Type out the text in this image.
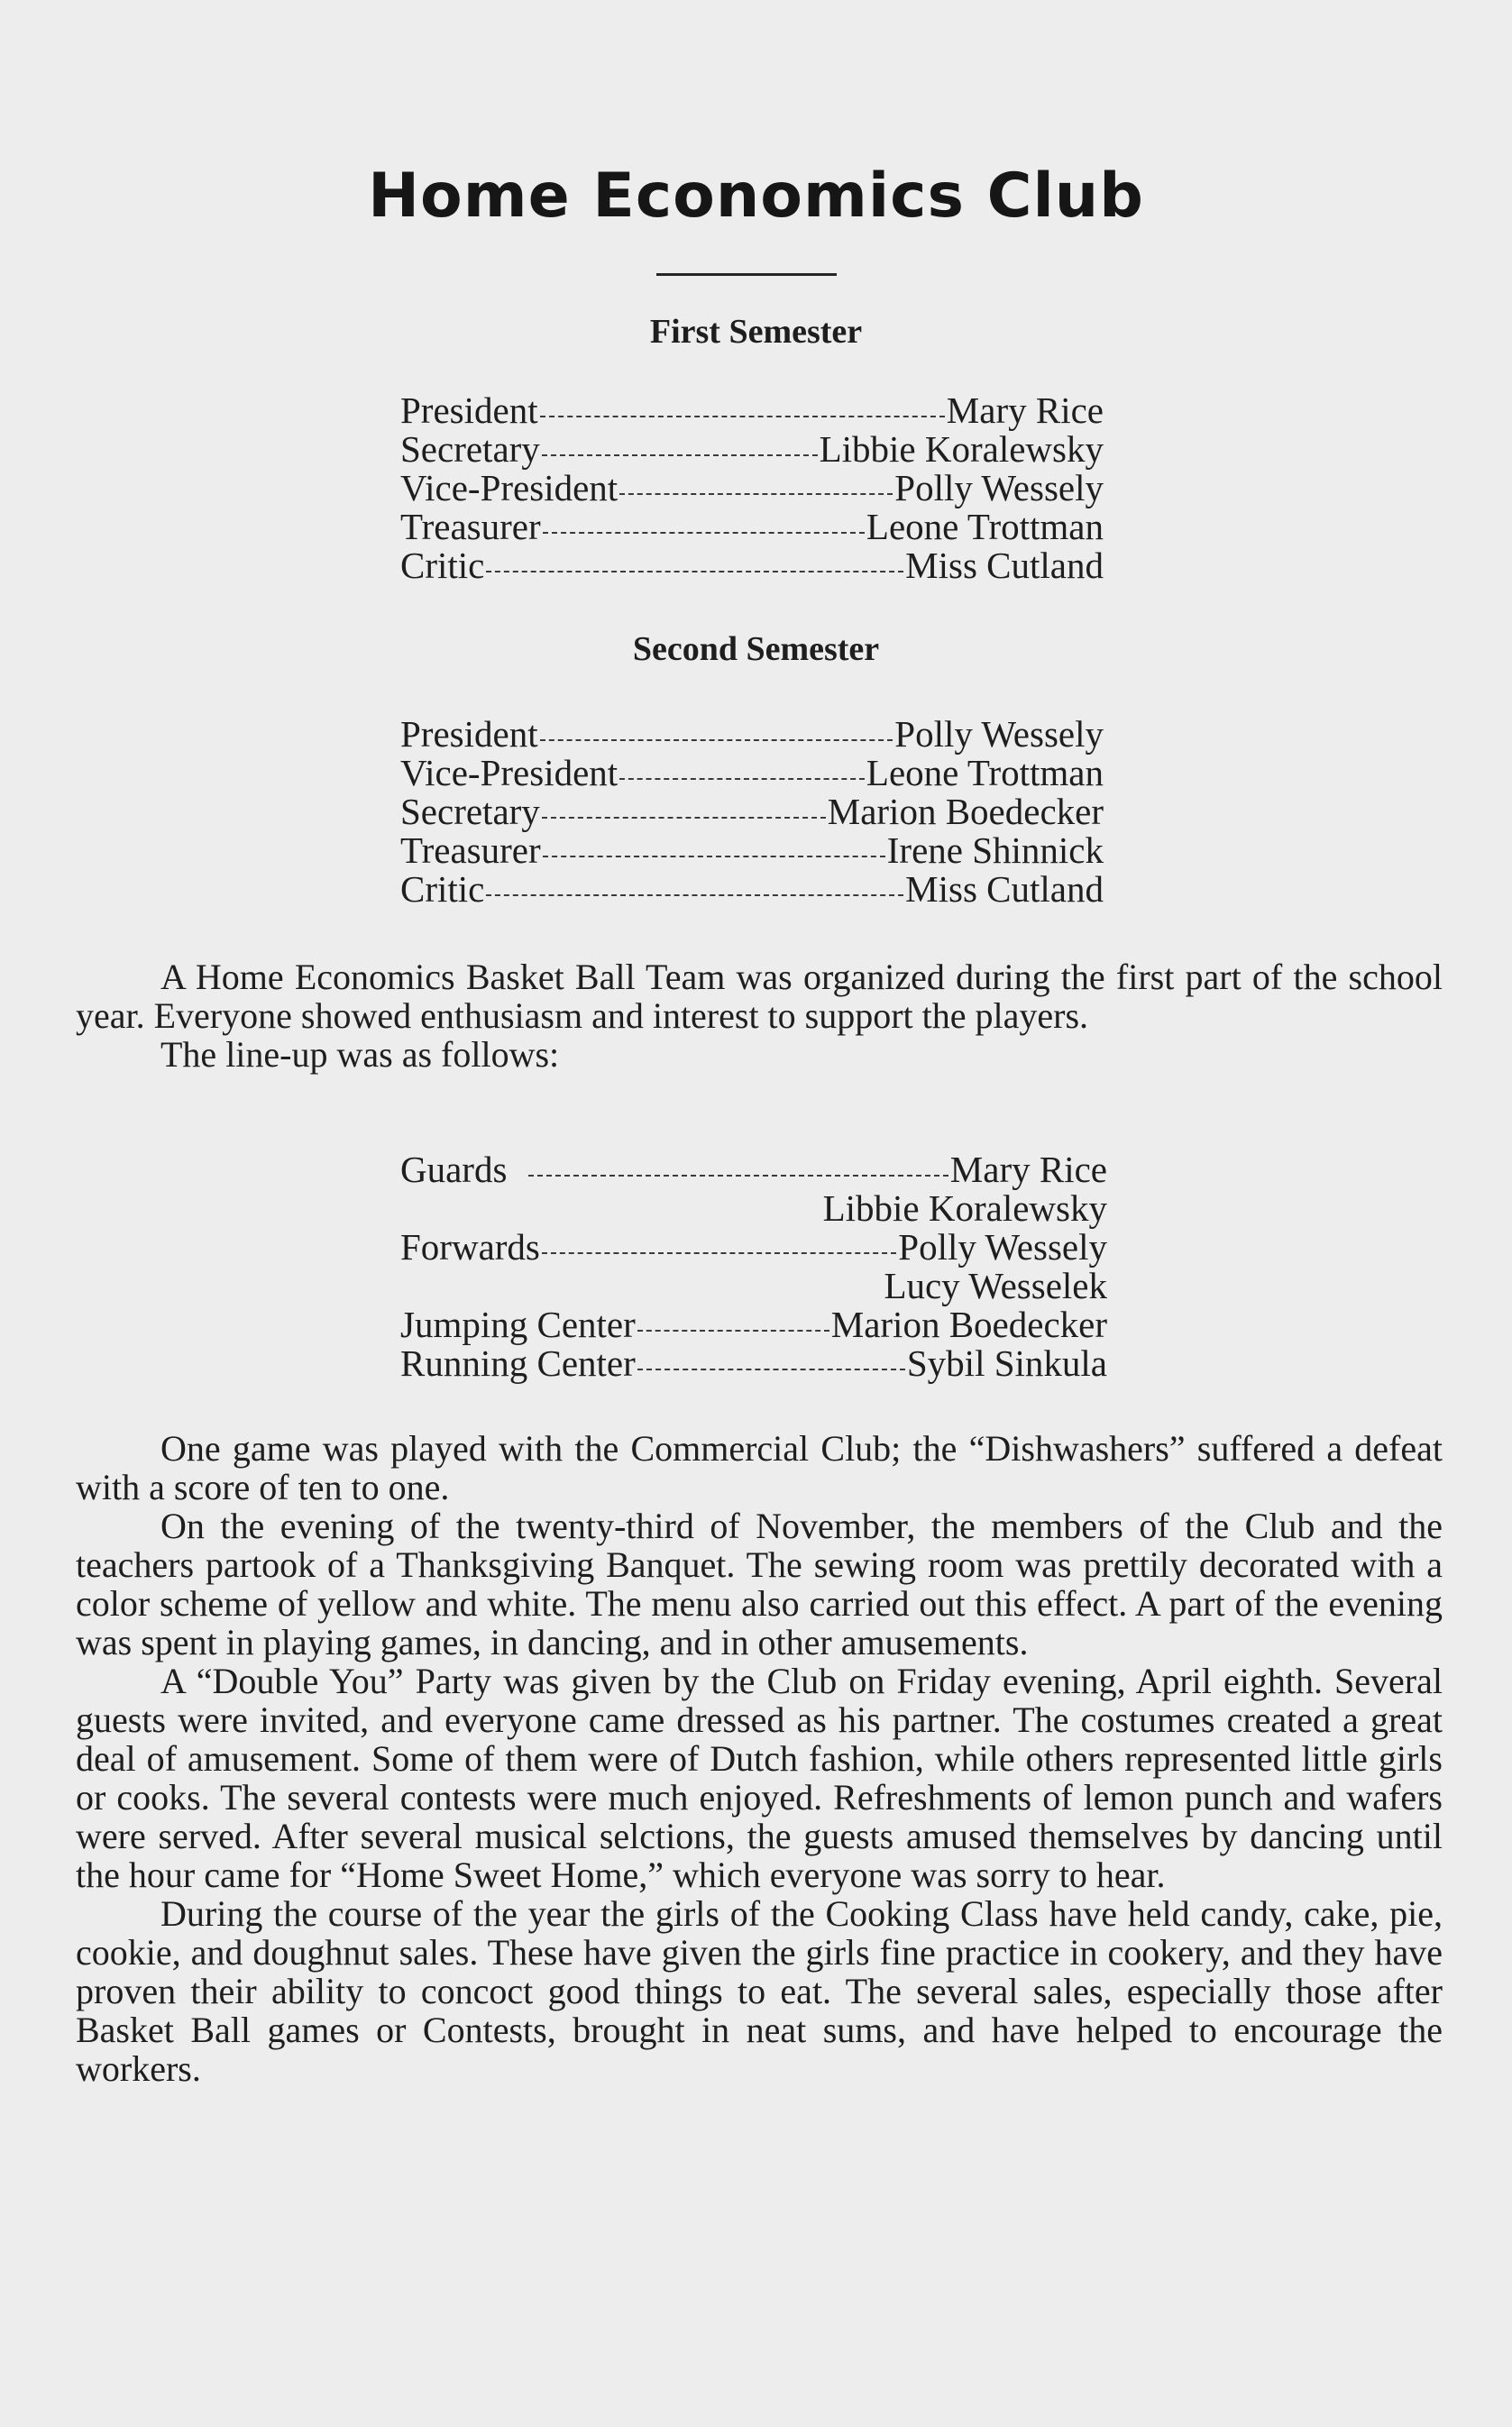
Home Economics Club
First Semester
President	Mary Rice
Secretary	Libbie Koralewsky
Vice-President	Polly Wessely
Treasurer	Leone Trottman
Critic	Miss Cutland
Second Semester
President	Polly Wessely
Vice-President	Leone Trottman
Secretary	Marion Boedecker
Treasurer	Irene Shinnick
Critic	Miss Cutland

A Home Economics Basket Ball Team was organized during the first part of the school year. Everyone showed enthusiasm and interest to support the players.

The line-up was as follows:

Guards	Mary Rice
Libbie Koralewsky
Forwards	Polly Wessely
Lucy Wesselek
Jumping Center	Marion Boedecker
Running Center	Sybil Sinkula

One game was played with the Commercial Club; the “Dishwashers” suffered a defeat with a score of ten to one.

On the evening of the twenty-third of November, the members of the Club and the teachers partook of a Thanksgiving Banquet. The sewing room was prettily decorated with a color scheme of yellow and white. The menu also carried out this effect. A part of the evening was spent in playing games, in dancing, and in other amusements.

A “Double You” Party was given by the Club on Friday evening, April eighth. Several guests were invited, and everyone came dressed as his partner. The costumes created a great deal of amusement. Some of them were of Dutch fashion, while others represented little girls or cooks. The several contests were much enjoyed. Refreshments of lemon punch and wafers were served. After several musical selctions, the guests amused themselves by dancing until the hour came for “Home Sweet Home,” which everyone was sorry to hear.

During the course of the year the girls of the Cooking Class have held candy, cake, pie, cookie, and doughnut sales. These have given the girls fine practice in cookery, and they have proven their ability to concoct good things to eat. The several sales, especially those after Basket Ball games or Contests, brought in neat sums, and have helped to encourage the workers.
